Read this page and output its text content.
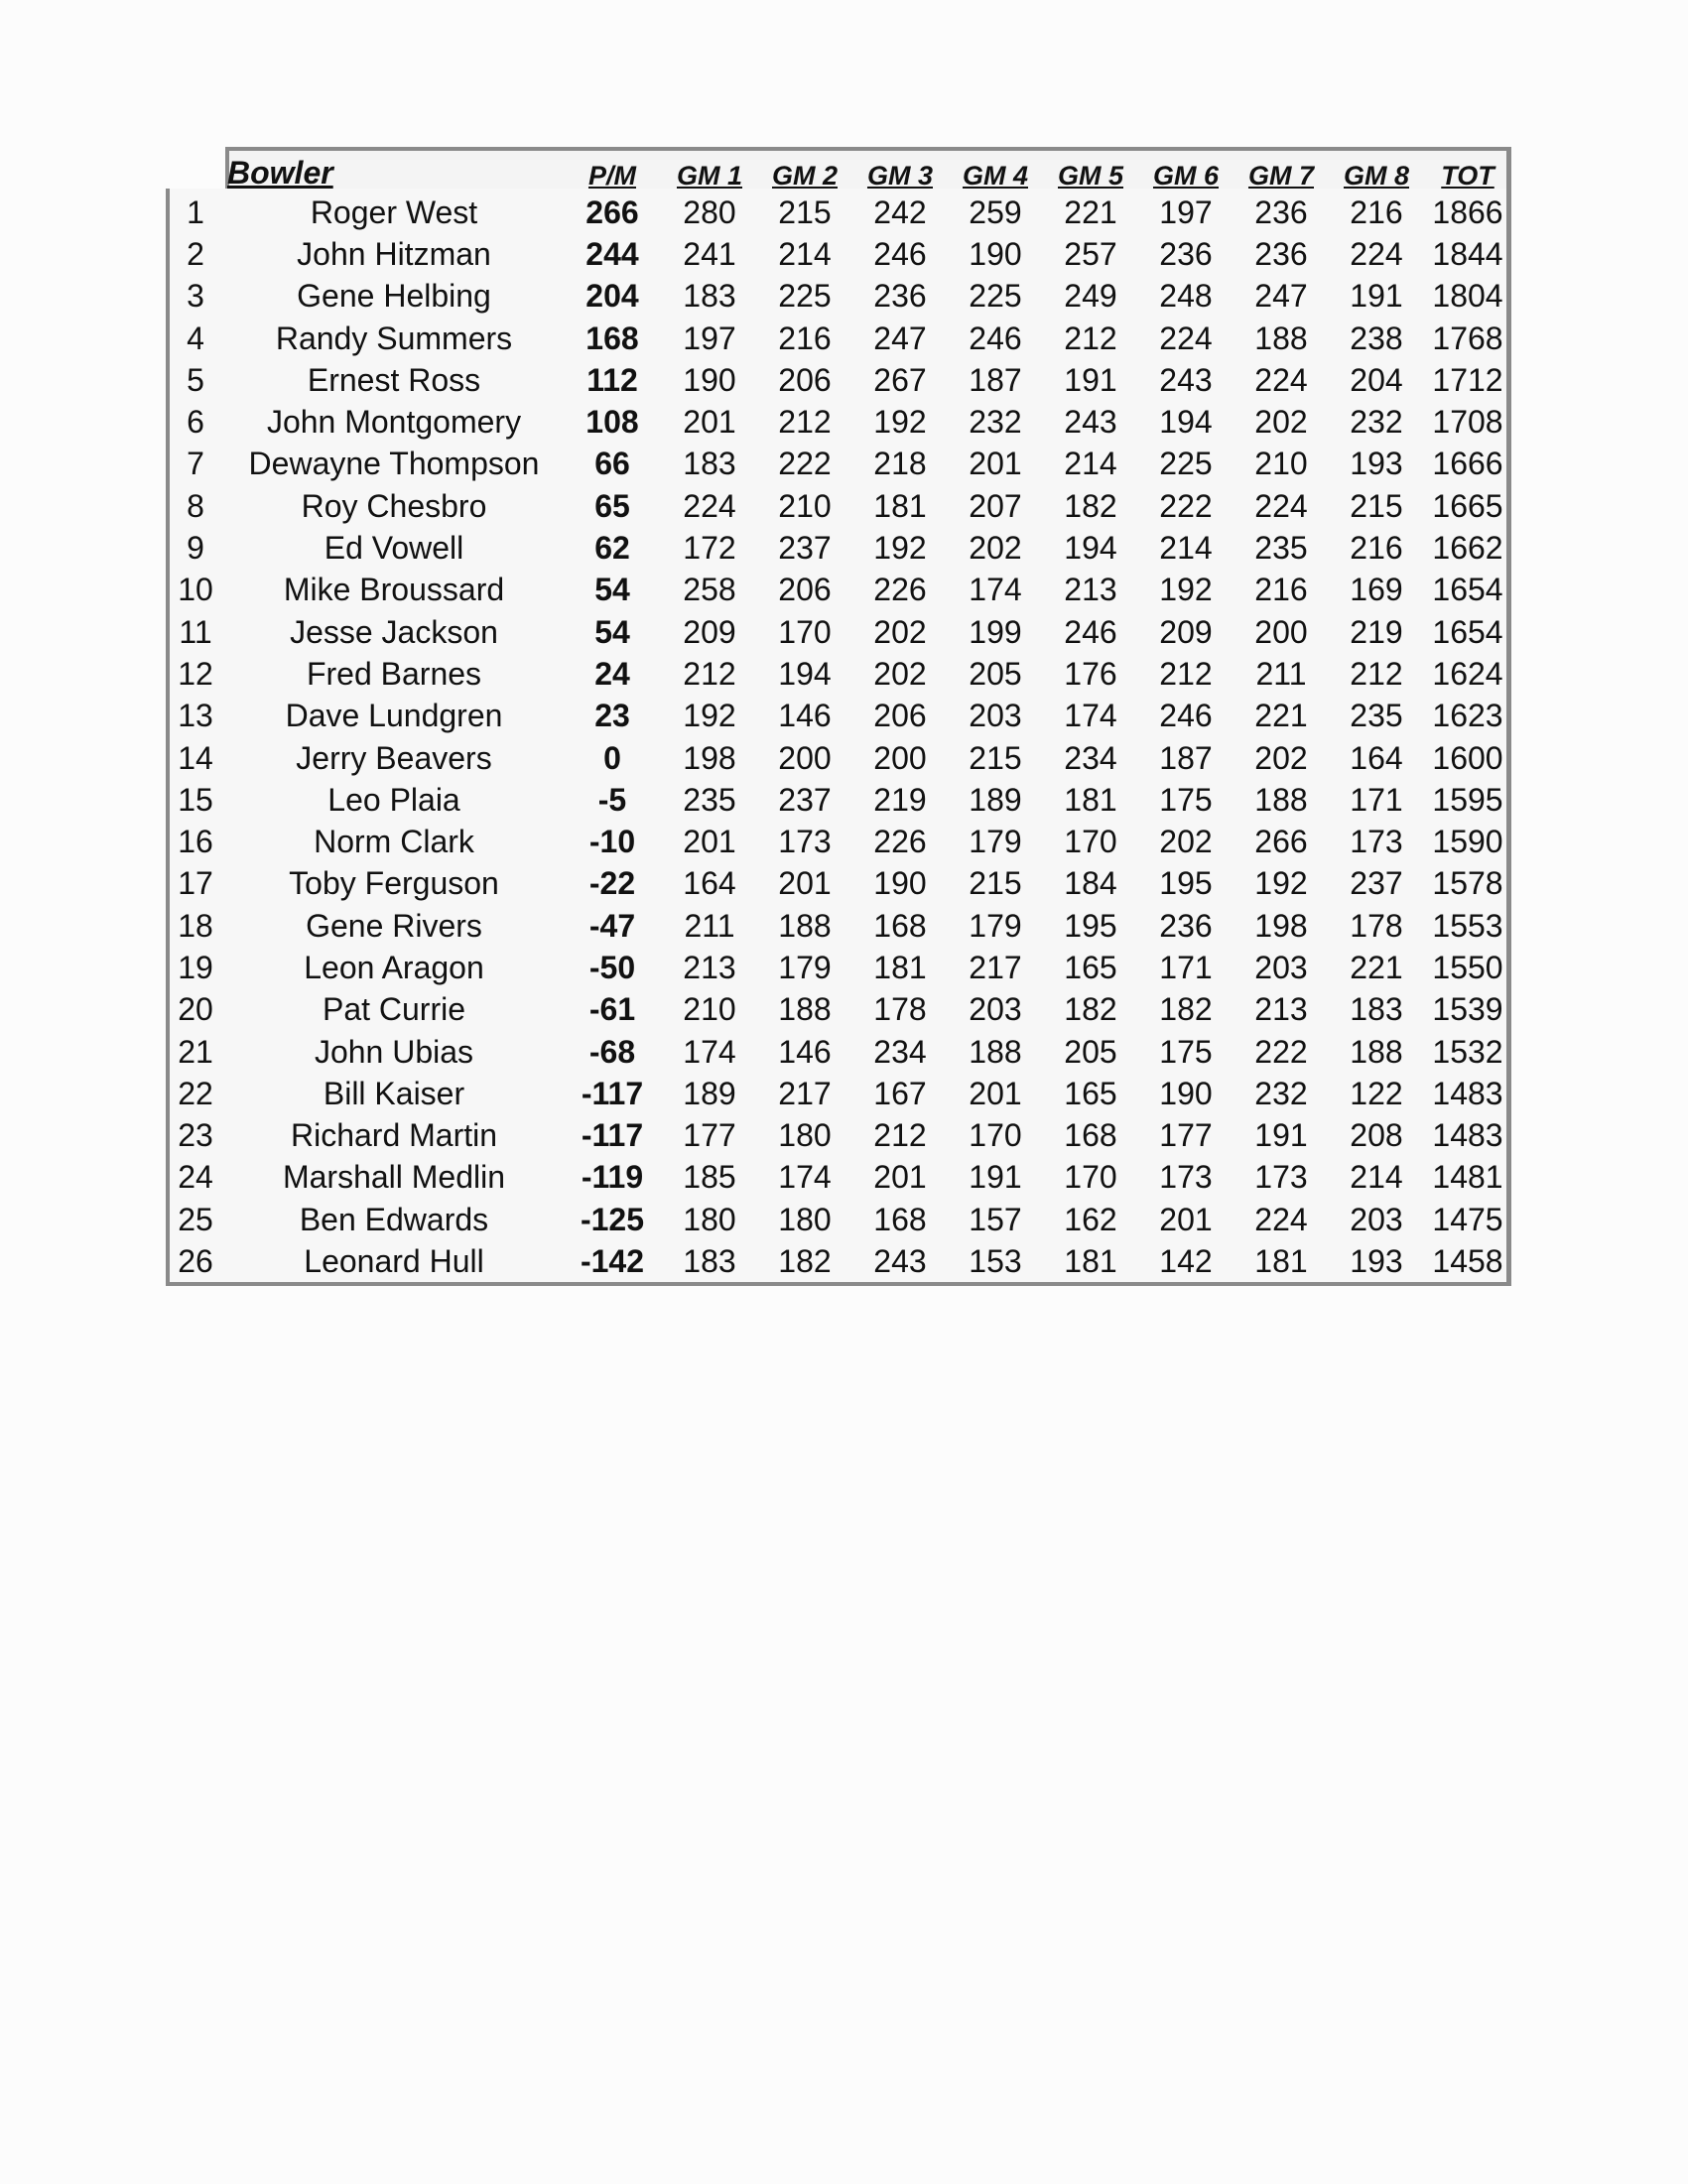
	Bowler	P/M	GM 1	GM 2	GM 3	GM 4	GM 5	GM 6	GM 7	GM 8	TOT
1	Roger West	266	280	215	242	259	221	197	236	216	1866
2	John Hitzman	244	241	214	246	190	257	236	236	224	1844
3	Gene Helbing	204	183	225	236	225	249	248	247	191	1804
4	Randy Summers	168	197	216	247	246	212	224	188	238	1768
5	Ernest Ross	112	190	206	267	187	191	243	224	204	1712
6	John Montgomery	108	201	212	192	232	243	194	202	232	1708
7	Dewayne Thompson	66	183	222	218	201	214	225	210	193	1666
8	Roy Chesbro	65	224	210	181	207	182	222	224	215	1665
9	Ed Vowell	62	172	237	192	202	194	214	235	216	1662
10	Mike Broussard	54	258	206	226	174	213	192	216	169	1654
11	Jesse Jackson	54	209	170	202	199	246	209	200	219	1654
12	Fred Barnes	24	212	194	202	205	176	212	211	212	1624
13	Dave Lundgren	23	192	146	206	203	174	246	221	235	1623
14	Jerry Beavers	0	198	200	200	215	234	187	202	164	1600
15	Leo Plaia	-5	235	237	219	189	181	175	188	171	1595
16	Norm Clark	-10	201	173	226	179	170	202	266	173	1590
17	Toby Ferguson	-22	164	201	190	215	184	195	192	237	1578
18	Gene Rivers	-47	211	188	168	179	195	236	198	178	1553
19	Leon Aragon	-50	213	179	181	217	165	171	203	221	1550
20	Pat Currie	-61	210	188	178	203	182	182	213	183	1539
21	John Ubias	-68	174	146	234	188	205	175	222	188	1532
22	Bill Kaiser	-117	189	217	167	201	165	190	232	122	1483
23	Richard Martin	-117	177	180	212	170	168	177	191	208	1483
24	Marshall Medlin	-119	185	174	201	191	170	173	173	214	1481
25	Ben Edwards	-125	180	180	168	157	162	201	224	203	1475
26	Leonard Hull	-142	183	182	243	153	181	142	181	193	1458
